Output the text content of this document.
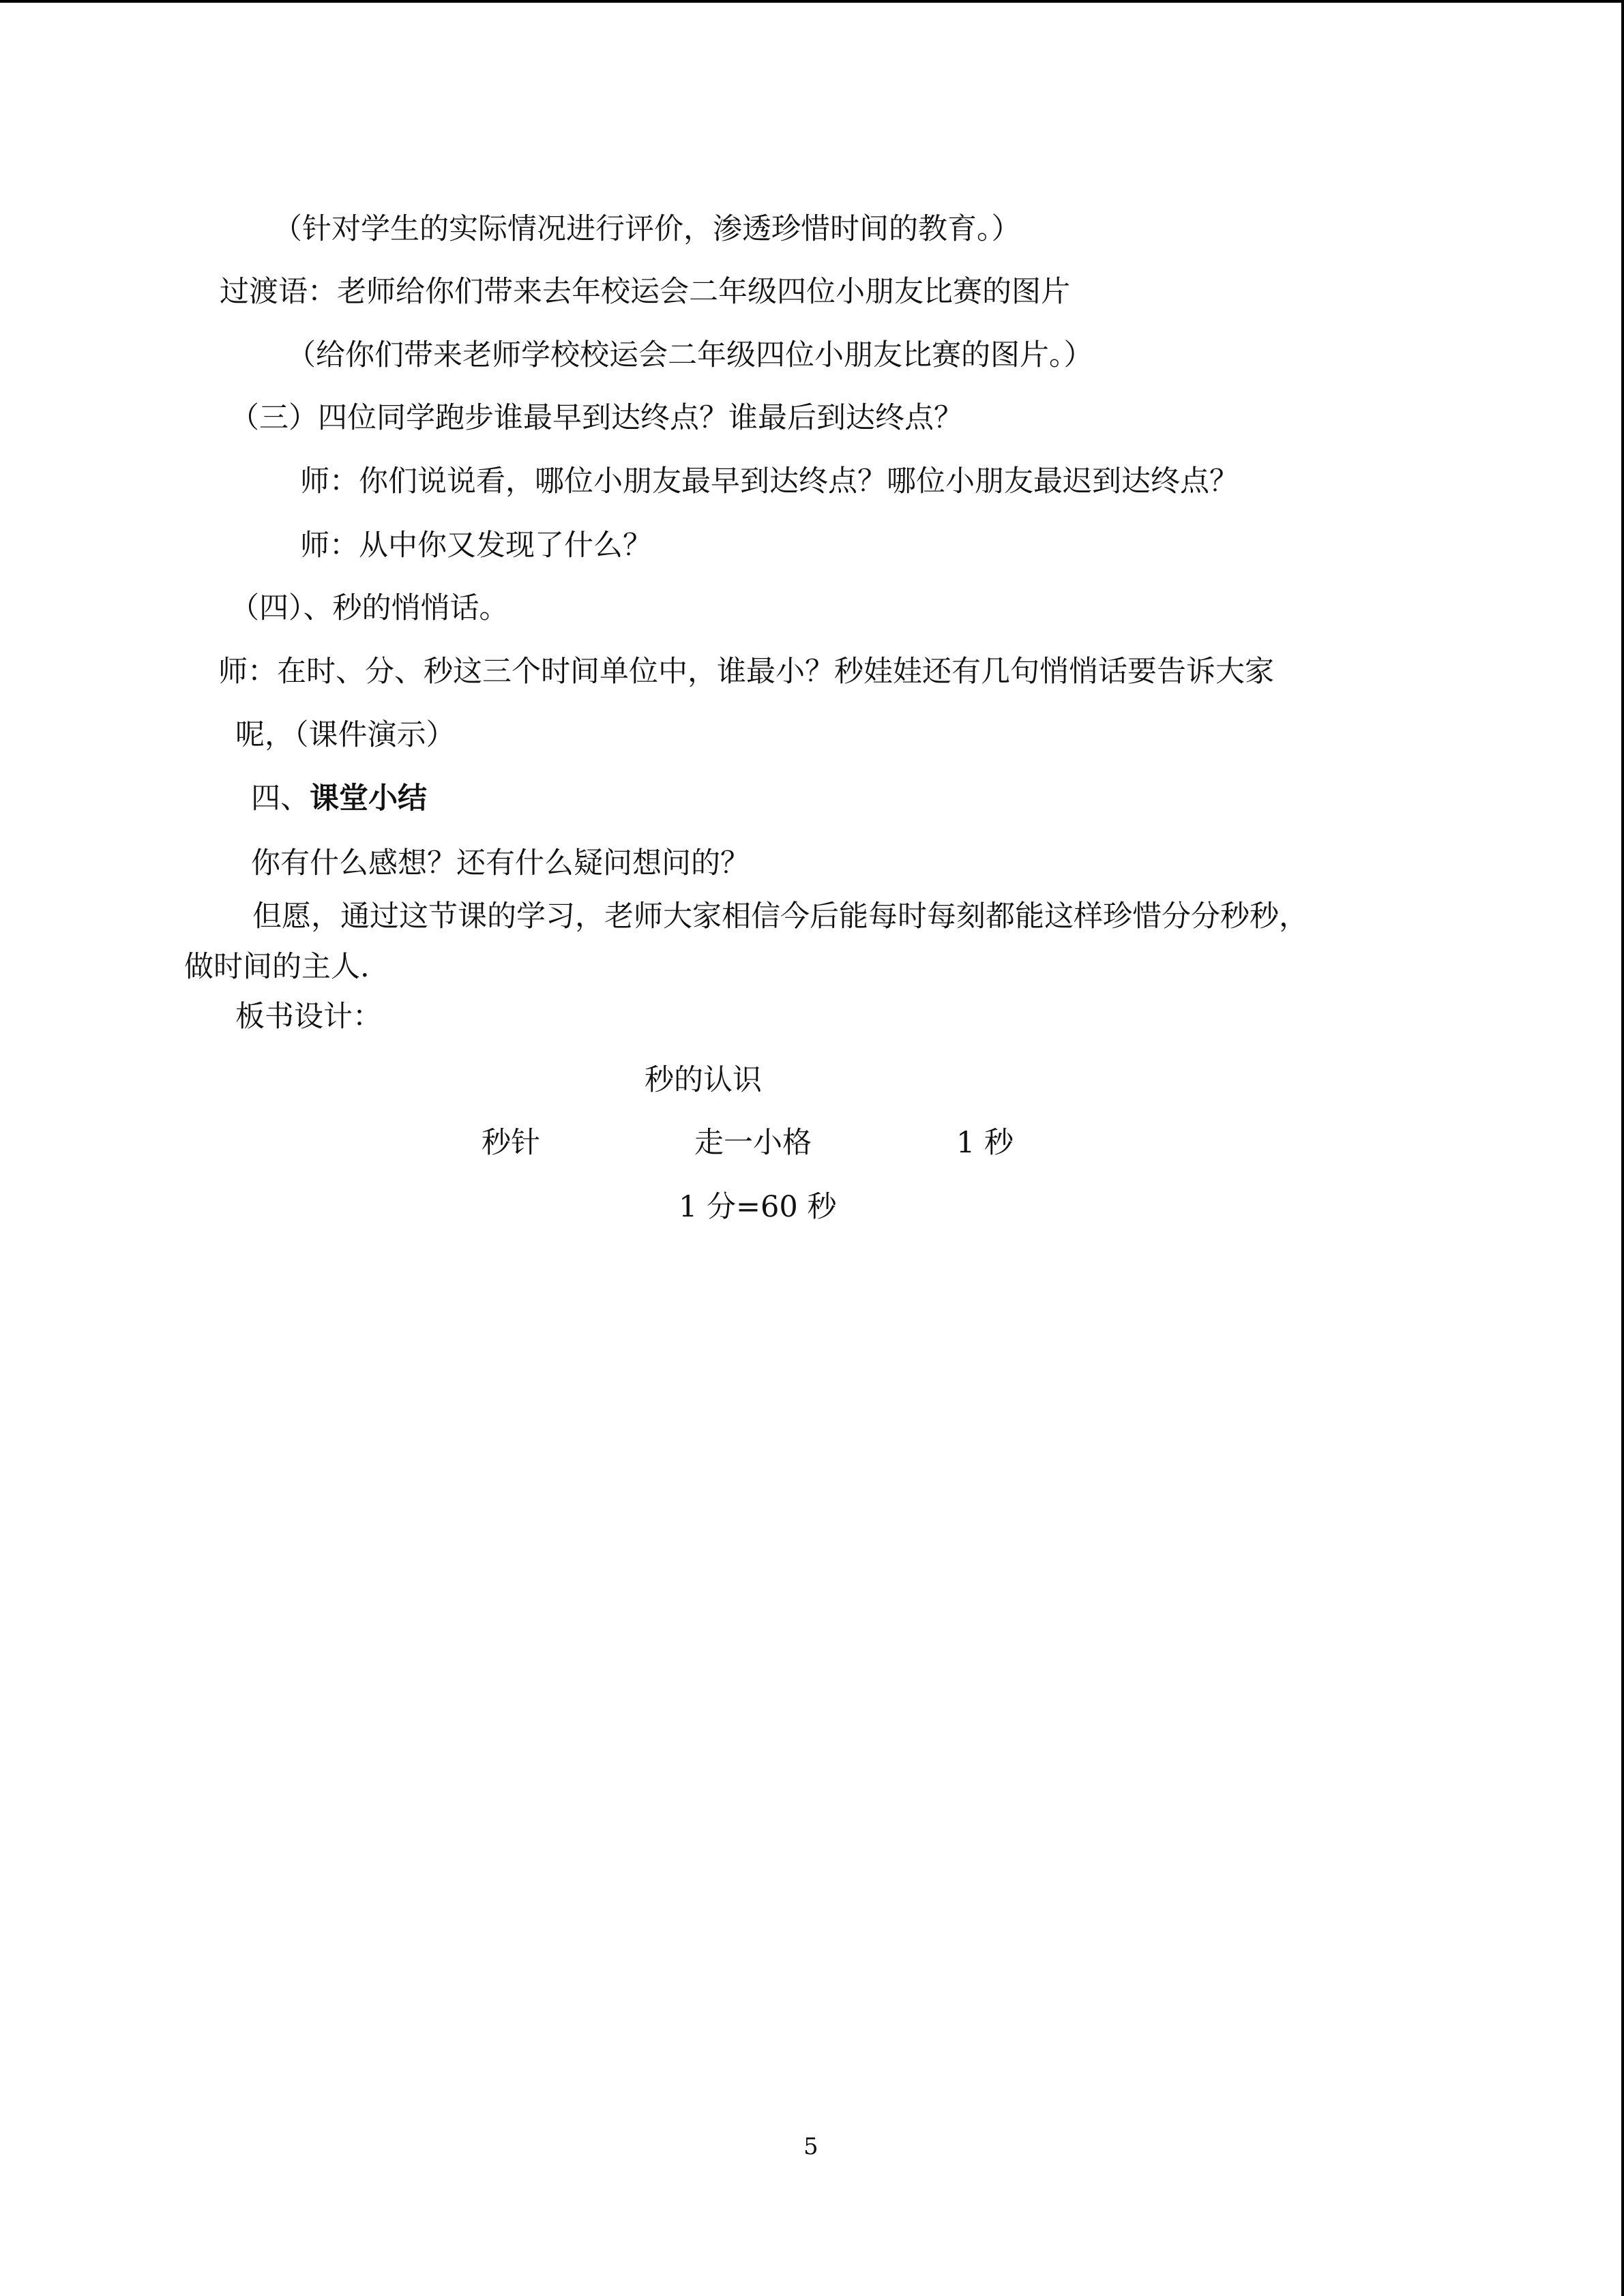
（针对学生的实际情况进行评价，渗透珍惜时间的教育。）
过渡语：老师给你们带来去年校运会二年级四位小朋友比赛的图片
（给你们带来老师学校校运会二年级四位小朋友比赛的图片。）
（三）四位同学跑步谁最早到达终点？谁最后到达终点？
师：你们说说看，哪位小朋友最早到达终点？哪位小朋友最迟到达终点？
师：从中你又发现了什么？
（四）、秒的悄悄话。
师：在时、分、秒这三个时间单位中，谁最小？秒娃娃还有几句悄悄话要告诉大家
呢，（课件演示）
四、课堂小结
你有什么感想？还有什么疑问想问的？
但愿，通过这节课的学习，老师大家相信今后能每时每刻都能这样珍惜分分秒秒，
做时间的主人.
板书设计：
秒的认识
秒针	走一小格	1 秒
1 分=60 秒
5
